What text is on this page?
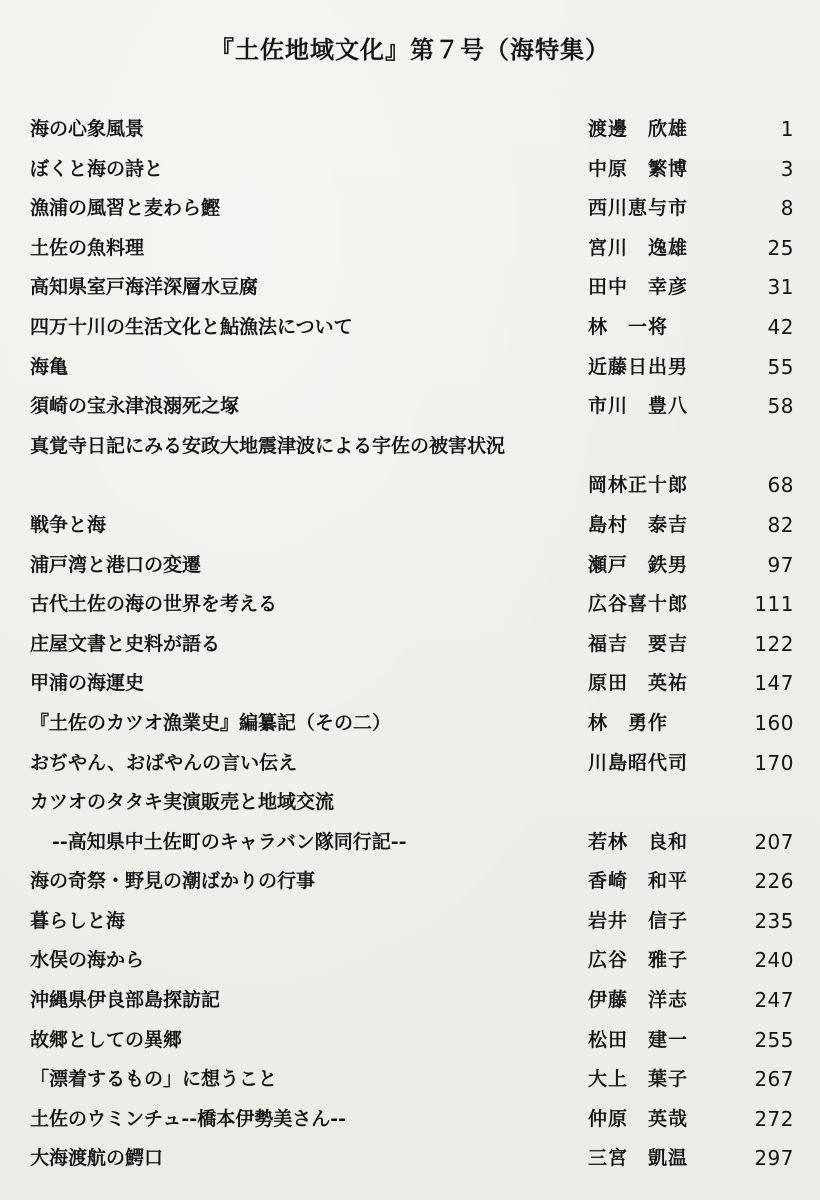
『土佐地域文化』第７号（海特集）
海の心象風景	渡邊　欣雄	1
ぼくと海の詩と	中原　繁博	3
漁浦の風習と麦わら鰹	西川恵与市	8
土佐の魚料理	宮川　逸雄	25
高知県室戸海洋深層水豆腐	田中　幸彦	31
四万十川の生活文化と鮎漁法について	林　一将	42
海亀	近藤日出男	55
須崎の宝永津浪溺死之塚	市川　豊八	58
真覚寺日記にみる安政大地震津波による宇佐の被害状況
岡林正十郎	68
戦争と海	島村　泰吉	82
浦戸湾と港口の変遷	瀬戸　鉄男	97
古代土佐の海の世界を考える	広谷喜十郎	111
庄屋文書と史料が語る	福吉　要吉	122
甲浦の海運史	原田　英祐	147
『土佐のカツオ漁業史』編纂記（その二）	林　勇作	160
おぢやん、おばやんの言い伝え	川島昭代司	170
カツオのタタキ実演販売と地域交流
--高知県中土佐町のキャラバン隊同行記--	若林　良和	207
海の奇祭・野見の潮ばかりの行事	香崎　和平	226
暮らしと海	岩井　信子	235
水俣の海から	広谷　雅子	240
沖縄県伊良部島探訪記	伊藤　洋志	247
故郷としての異郷	松田　建一	255
「漂着するもの」に想うこと	大上　葉子	267
土佐のウミンチュ--橋本伊勢美さん--	仲原　英哉	272
大海渡航の鰐口	三宮　凱温	297
